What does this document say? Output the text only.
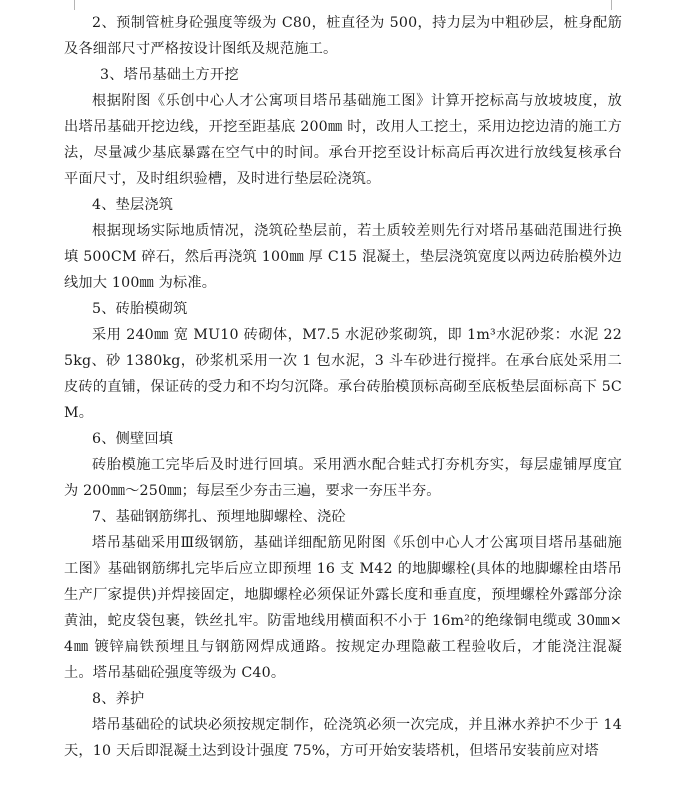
2、预制管桩身砼强度等级为 C80，桩直径为 500，持力层为中粗砂层，桩身配筋及各细部尺寸严格按设计图纸及规范施工。

3、塔吊基础土方开挖

根据附图《乐创中心人才公寓项目塔吊基础施工图》计算开挖标高与放坡坡度，放出塔吊基础开挖边线，开挖至距基底 200㎜ 时，改用人工挖土，采用边挖边清的施工方法，尽量减少基底暴露在空气中的时间。承台开挖至设计标高后再次进行放线复核承台平面尺寸，及时组织验槽，及时进行垫层砼浇筑。

4、垫层浇筑

根据现场实际地质情况，浇筑砼垫层前，若土质较差则先行对塔吊基础范围进行换填 500CM 碎石，然后再浇筑 100㎜ 厚 C15 混凝土，垫层浇筑宽度以两边砖胎模外边线加大 100㎜ 为标准。

5、砖胎模砌筑

采用 240㎜ 宽 MU10 砖砌体，M7.5 水泥砂浆砌筑，即 1m³水泥砂浆：水泥 225kg、砂 1380kg，砂浆机采用一次 1 包水泥，3 斗车砂进行搅拌。在承台底处采用二皮砖的直铺，保证砖的受力和不均匀沉降。承台砖胎模顶标高砌至底板垫层面标高下 5CM。

6、侧壁回填

砖胎模施工完毕后及时进行回填。采用洒水配合蛙式打夯机夯实，每层虚铺厚度宜为 200㎜～250㎜；每层至少夯击三遍，要求一夯压半夯。

7、基础钢筋绑扎、预埋地脚螺栓、浇砼

塔吊基础采用Ⅲ级钢筋，基础详细配筋见附图《乐创中心人才公寓项目塔吊基础施工图》基础钢筋绑扎完毕后应立即预埋 16 支 M42 的地脚螺栓(具体的地脚螺栓由塔吊生产厂家提供)并焊接固定，地脚螺栓必须保证外露长度和垂直度，预埋螺栓外露部分涂黄油，蛇皮袋包裹，铁丝扎牢。防雷地线用横面积不小于 16m²的绝缘铜电缆或 30㎜×4㎜ 镀锌扁铁预埋且与钢筋网焊成通路。按规定办理隐蔽工程验收后，才能浇注混凝土。塔吊基础砼强度等级为 C40。

8、养护

塔吊基础砼的试块必须按规定制作，砼浇筑必须一次完成，并且淋水养护不少于 14 天，10 天后即混凝土达到设计强度 75%，方可开始安装塔机，但塔吊安装前应对塔
